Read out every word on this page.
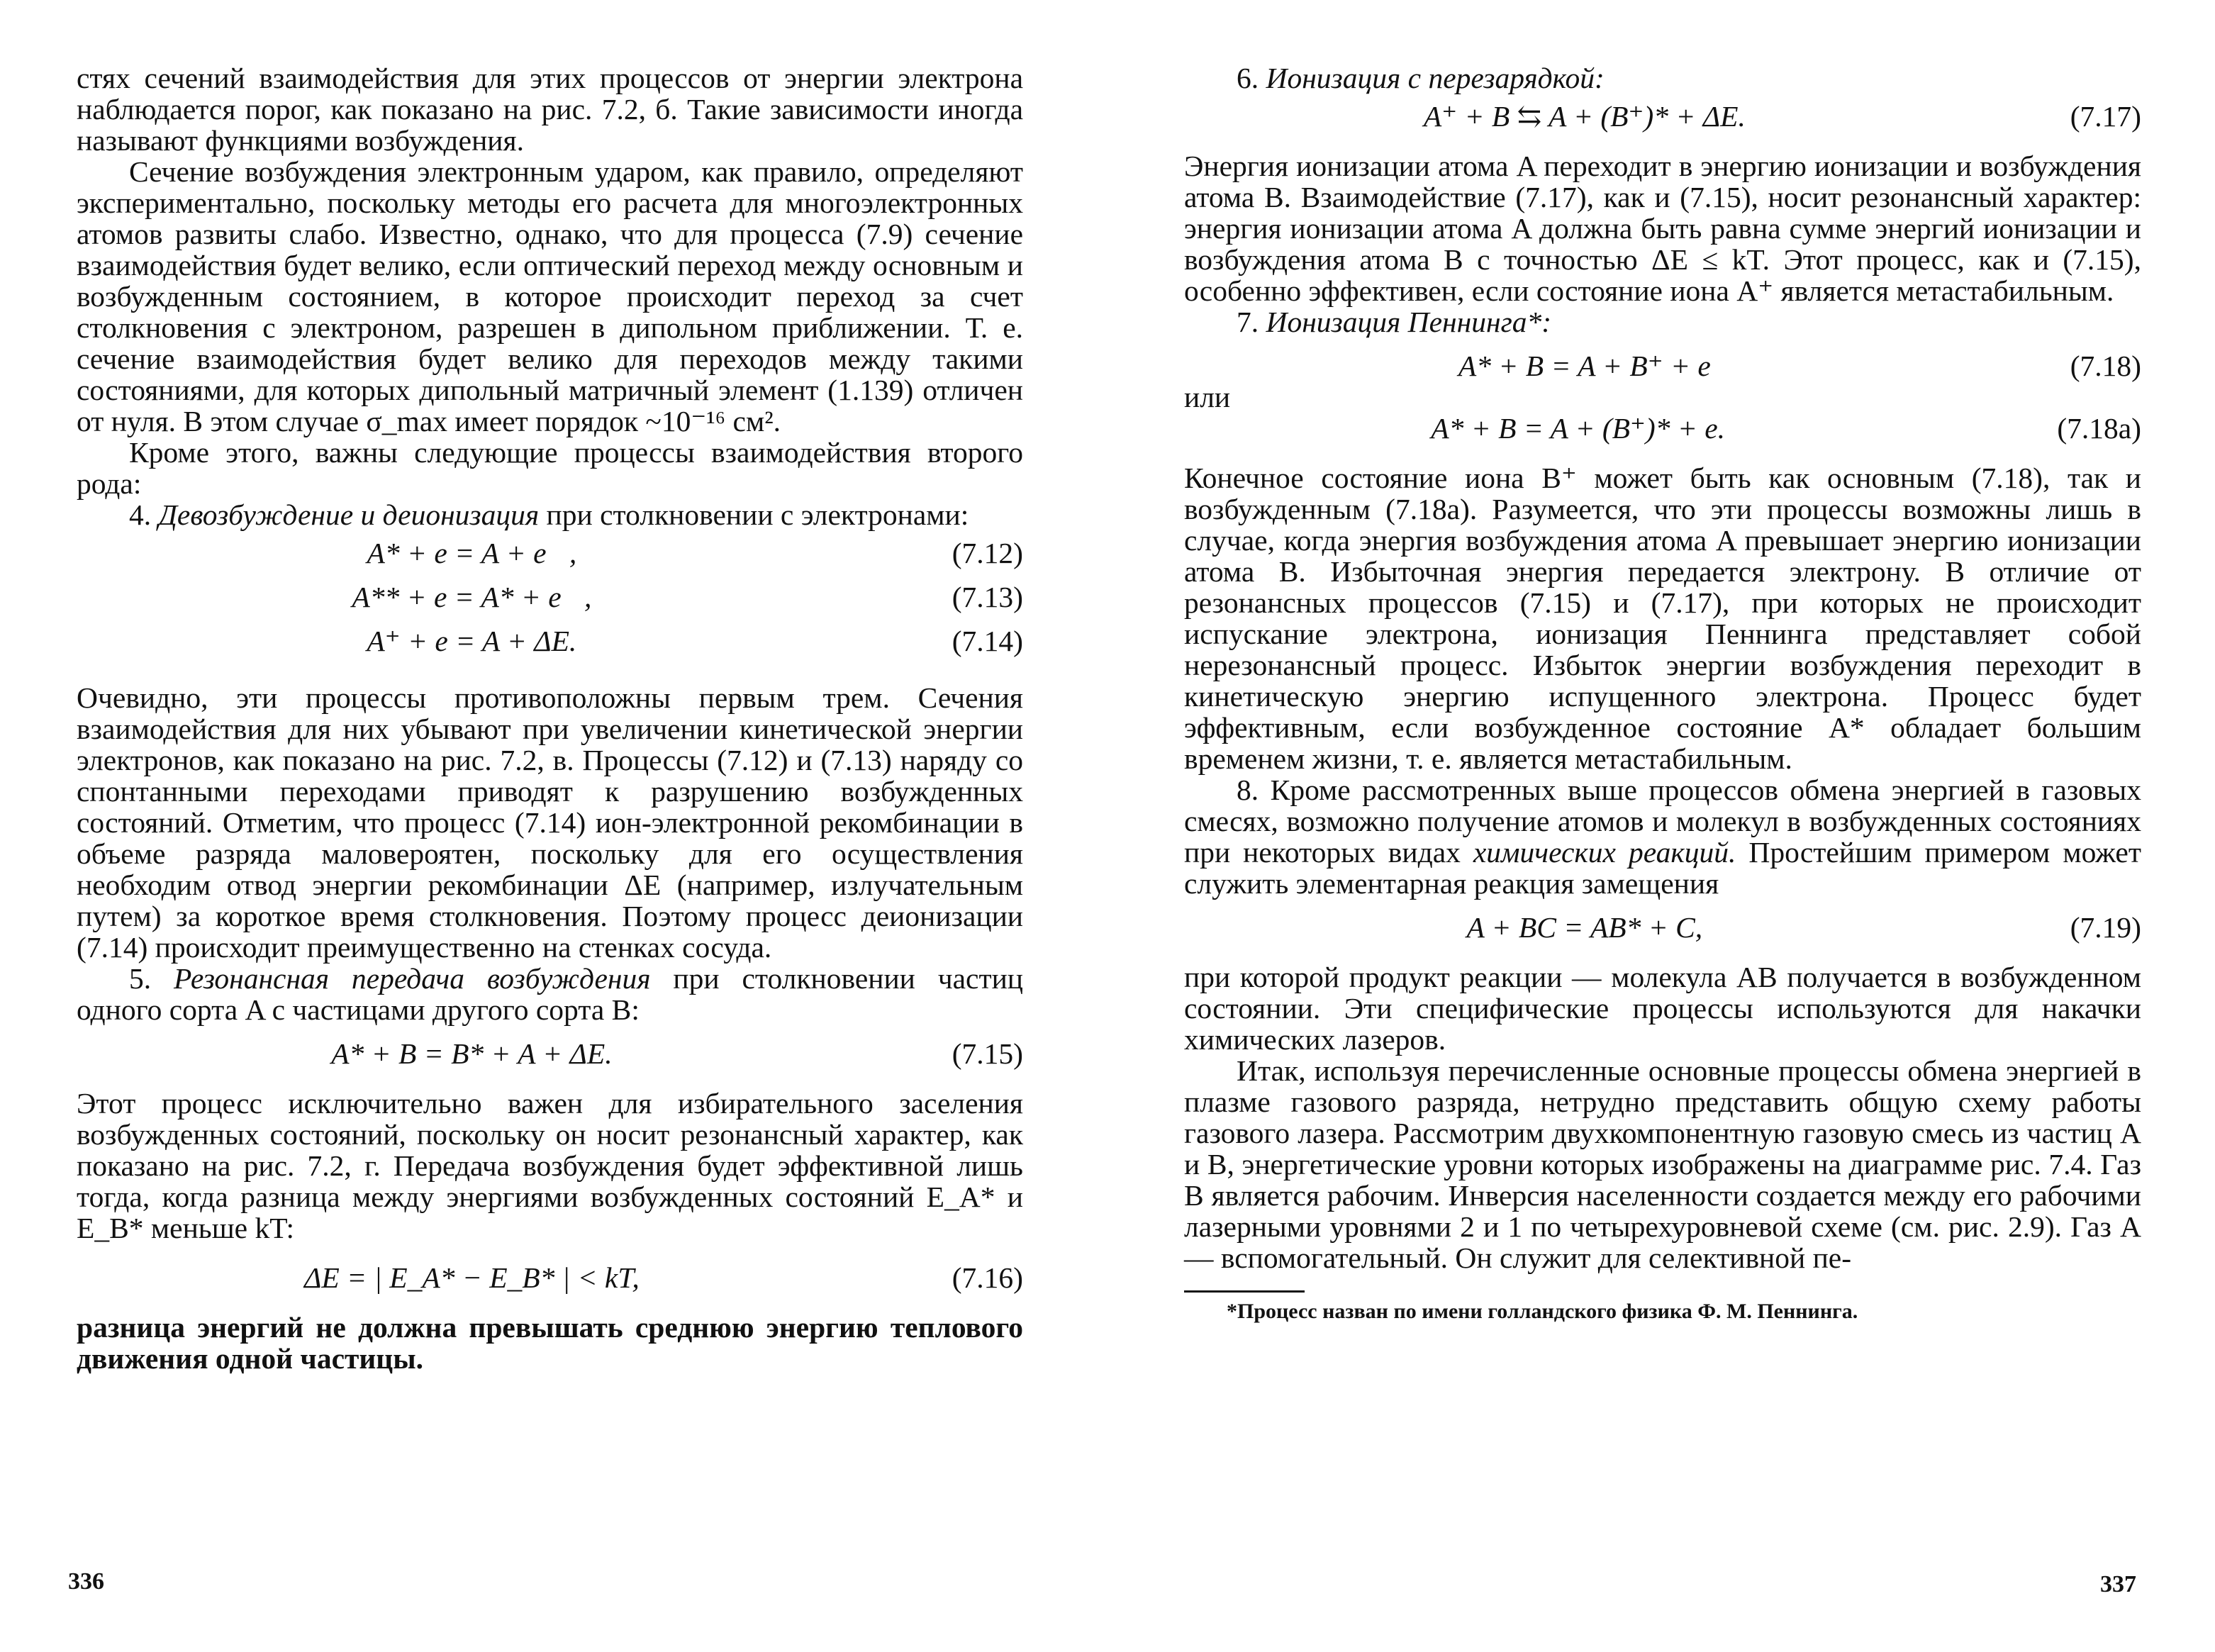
стях сечений взаимодействия для этих процессов от энергии электрона наблюдается порог, как показано на рис. 7.2, б. Такие зависимости иногда называют функциями возбуждения.

Сечение возбуждения электронным ударом, как правило, определяют экспериментально, поскольку методы его расчета для многоэлектронных атомов развиты слабо. Известно, однако, что для процесса (7.9) сечение взаимодействия будет велико, если оптический переход между основным и возбужденным состоянием, в которое происходит переход за счет столкновения с электроном, разрешен в дипольном приближении. Т. е. сечение взаимодействия будет велико для переходов между такими состояниями, для которых дипольный матричный элемент (1.139) отличен от нуля. В этом случае σ_max имеет порядок ~10⁻¹⁶ см².

Кроме этого, важны следующие процессы взаимодействия второго рода:

4. Девозбуждение и деионизация при столкновении с электронами:

A* + e = A + e⃗,	(7.12)
A** + e = A* + e⃗,	(7.13)
A⁺ + e = A + ΔE.	(7.14)

Очевидно, эти процессы противоположны первым трем. Сечения взаимодействия для них убывают при увеличении кинетической энергии электронов, как показано на рис. 7.2, в. Процессы (7.12) и (7.13) наряду со спонтанными переходами приводят к разрушению возбужденных состояний. Отметим, что процесс (7.14) ион-электронной рекомбинации в объеме разряда маловероятен, поскольку для его осуществления необходим отвод энергии рекомбинации ΔE (например, излучательным путем) за короткое время столкновения. Поэтому процесс деионизации (7.14) происходит преимущественно на стенках сосуда.

5. Резонансная передача возбуждения при столкновении частиц одного сорта A с частицами другого сорта B:

A* + B = B* + A + ΔE.	(7.15)

Этот процесс исключительно важен для избирательного заселения возбужденных состояний, поскольку он носит резонансный характер, как показано на рис. 7.2, г. Передача возбуждения будет эффективной лишь тогда, когда разница между энергиями возбужденных состояний E_A* и E_B* меньше kT:

ΔE = | E_A* − E_B* | < kT,	(7.16)

разница энергий не должна превышать среднюю энергию теплового движения одной частицы.

336

6. Ионизация с перезарядкой:

A⁺ + B ⇆ A + (B⁺)* + ΔE.	(7.17)

Энергия ионизации атома A переходит в энергию ионизации и возбуждения атома B. Взаимодействие (7.17), как и (7.15), носит резонансный характер: энергия ионизации атома A должна быть равна сумме энергий ионизации и возбуждения атома B с точностью ΔE ≤ kT. Этот процесс, как и (7.15), особенно эффективен, если состояние иона A⁺ является метастабильным.

7. Ионизация Пеннинга*:

A* + B = A + B⁺ + e	(7.18)

или

A* + B = A + (B⁺)* + e.	(7.18a)

Конечное состояние иона B⁺ может быть как основным (7.18), так и возбужденным (7.18а). Разумеется, что эти процессы возможны лишь в случае, когда энергия возбуждения атома A превышает энергию ионизации атома B. Избыточная энергия передается электрону. В отличие от резонансных процессов (7.15) и (7.17), при которых не происходит испускание электрона, ионизация Пеннинга представляет собой нерезонансный процесс. Избыток энергии возбуждения переходит в кинетическую энергию испущенного электрона. Процесс будет эффективным, если возбужденное состояние A* обладает большим временем жизни, т. е. является метастабильным.

8. Кроме рассмотренных выше процессов обмена энергией в газовых смесях, возможно получение атомов и молекул в возбужденных состояниях при некоторых видах химических реакций. Простейшим примером может служить элементарная реакция замещения

A + BC = AB* + C,	(7.19)

при которой продукт реакции — молекула AB получается в возбужденном состоянии. Эти специфические процессы используются для накачки химических лазеров.

Итак, используя перечисленные основные процессы обмена энергией в плазме газового разряда, нетрудно представить общую схему работы газового лазера. Рассмотрим двухкомпонентную газовую смесь из частиц A и B, энергетические уровни которых изображены на диаграмме рис. 7.4. Газ B является рабочим. Инверсия населенности создается между его рабочими лазерными уровнями 2 и 1 по четырехуровневой схеме (см. рис. 2.9). Газ A — вспомогательный. Он служит для селективной пе-

*Процесс назван по имени голландского физика Ф. М. Пеннинга.

337
